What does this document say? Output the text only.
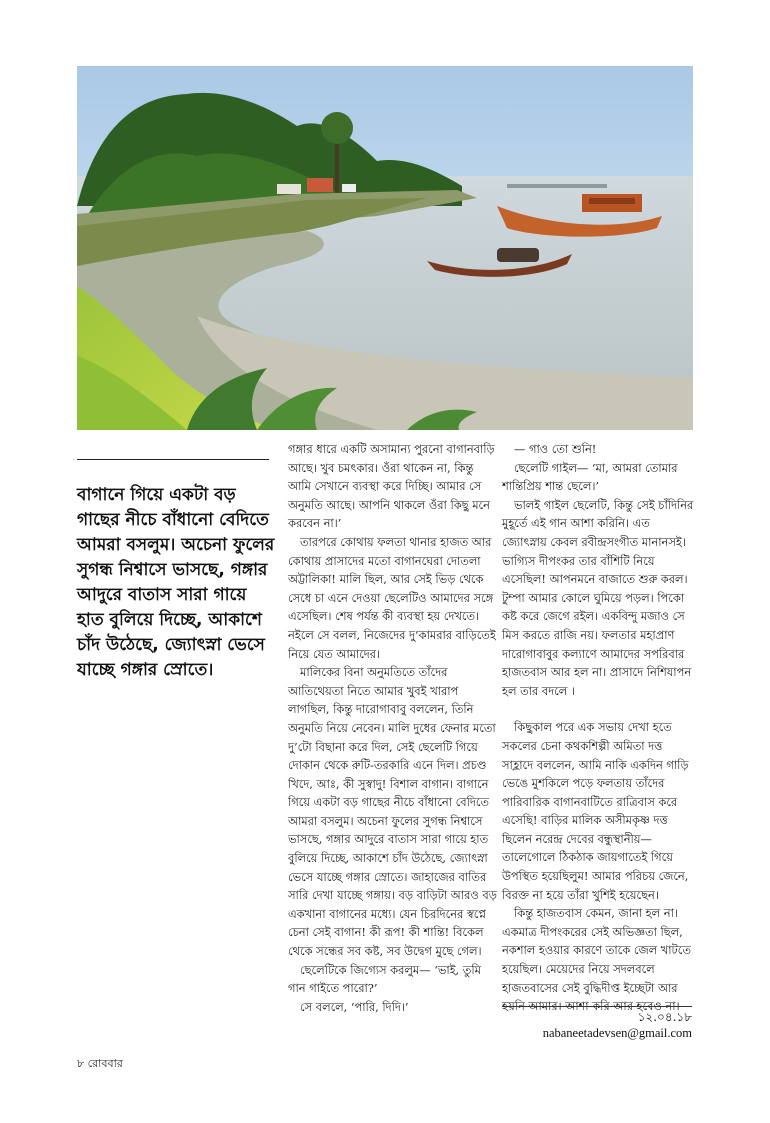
বাগানে গিয়ে একটা বড় গাছের নীচে বাঁধানো বেদিতে আমরা বসলুম। অচেনা ফুলের সুগন্ধ নিশ্বাসে ভাসছে, গঙ্গার আদুরে বাতাস সারা গায়ে হাত বুলিয়ে দিচ্ছে, আকাশে চাঁদ উঠেছে, জ্যোৎস্না ভেসে যাচ্ছে গঙ্গার স্রোতে।

গঙ্গার ধারে একটি অসামান্য পুরনো বাগানবাড়ি আছে। খুব চমৎকার। ওঁরা থাকেন না, কিন্তু আমি সেখানে ব্যবস্থা করে দিচ্ছি। আমার সে অনুমতি আছে। আপনি থাকলে ওঁরা কিছু মনে করবেন না।’

তারপরে কোথায় ফলতা থানার হাজত আর কোথায় প্রাসাদের মতো বাগানঘেরা দোতলা অট্টালিকা! মালি ছিল, আর সেই ভিড় থেকে সেধে চা এনে দেওয়া ছেলেটিও আমাদের সঙ্গে এসেছিল। শেষ পর্যন্ত কী ব্যবস্থা হয় দেখতে। নইলে সে বলল, নিজেদের দু’কামরার বাড়িতেই নিয়ে যেত আমাদের।

মালিকের বিনা অনুমতিতে তাঁদের আতিথেয়তা নিতে আমার খুবই খারাপ লাগছিল, কিন্তু দারোগাবাবু বললেন, তিনি অনুমতি নিয়ে নেবেন। মালি দুধের ফেনার মতো দু’টো বিছানা করে দিল, সেই ছেলেটি গিয়ে দোকান থেকে রুটি-তরকারি এনে দিল। প্রচণ্ড খিদে, আঃ, কী সুস্বাদু! বিশাল বাগান। বাগানে গিয়ে একটা বড় গাছের নীচে বাঁধানো বেদিতে আমরা বসলুম। অচেনা ফুলের সুগন্ধ নিশ্বাসে ভাসছে, গঙ্গার আদুরে বাতাস সারা গায়ে হাত বুলিয়ে দিচ্ছে, আকাশে চাঁদ উঠেছে, জ্যোৎস্না ভেসে যাচ্ছে গঙ্গার স্রোতে। জাহাজের বাতির সারি দেখা যাচ্ছে গঙ্গায়। বড় বাড়িটা আরও বড় একখানা বাগানের মধ্যে। যেন চিরদিনের স্বপ্নে চেনা সেই বাগান! কী রূপ! কী শান্তি! বিকেল থেকে সন্ধের সব কষ্ট, সব উদ্বেগ মুছে গেল।

ছেলেটিকে জিগ্যেস করলুম— ‘ভাই, তুমি গান গাইতে পারো?’

সে বললে, ‘পারি, দিদি।’

— গাও তো শুনি!

ছেলেটি গাইল— ‘মা, আমরা তোমার শান্তিপ্রিয় শান্ত ছেলে।’

ভালই গাইল ছেলেটি, কিন্তু সেই চাঁদিনির মুহূর্তে এই গান আশা করিনি। এত জ্যোৎস্নায় কেবল রবীন্দ্রসংগীত মানানসই। ভাগ্যিস দীপংকর তার বাঁশিটি নিয়ে এসেছিল! আপনমনে বাজাতে শুরু করল। টুম্পা আমার কোলে ঘুমিয়ে পড়ল। পিকো কষ্ট করে জেগে রইল। একবিন্দু মজাও সে মিস করতে রাজি নয়। ফলতার মহাপ্রাণ দারোগাবাবুর কল্যাণে আমাদের সপরিবার হাজতবাস আর হল না। প্রাসাদে নিশিযাপন হল তার বদলে ।

কিছুকাল পরে এক সভায় দেখা হতে সকলের চেনা কথকশিল্পী অমিতা দত্ত সাহ্লাদে বললেন, আমি নাকি একদিন গাড়ি ভেঙে মুশকিলে পড়ে ফলতায় তাঁদের পারিবারিক বাগানবাটিতে রাত্রিবাস করে এসেছি! বাড়ির মালিক অসীমকৃষ্ণ দত্ত ছিলেন নরেন্দ্র দেবের বন্ধুস্থানীয়— তালেগোলে ঠিকঠাক জায়গাতেই গিয়ে উপস্থিত হয়েছিলুম! আমার পরিচয় জেনে, বিরক্ত না হয়ে তাঁরা খুশিই হয়েছেন।

কিন্তু হাজতবাস কেমন, জানা হল না। একমাত্র দীপংকরের সেই অভিজ্ঞতা ছিল, নকশাল হওয়ার কারণে তাকে জেল খাটতে হয়েছিল। মেয়েদের নিয়ে সদলবলে হাজতবাসের সেই বুদ্ধিদীপ্ত ইচ্ছেটা আর হয়নি আমার। আশা করি আর হবেও না।

১২.০৪.১৮
nabaneetadevsen@gmail.com
৮ রোববার
